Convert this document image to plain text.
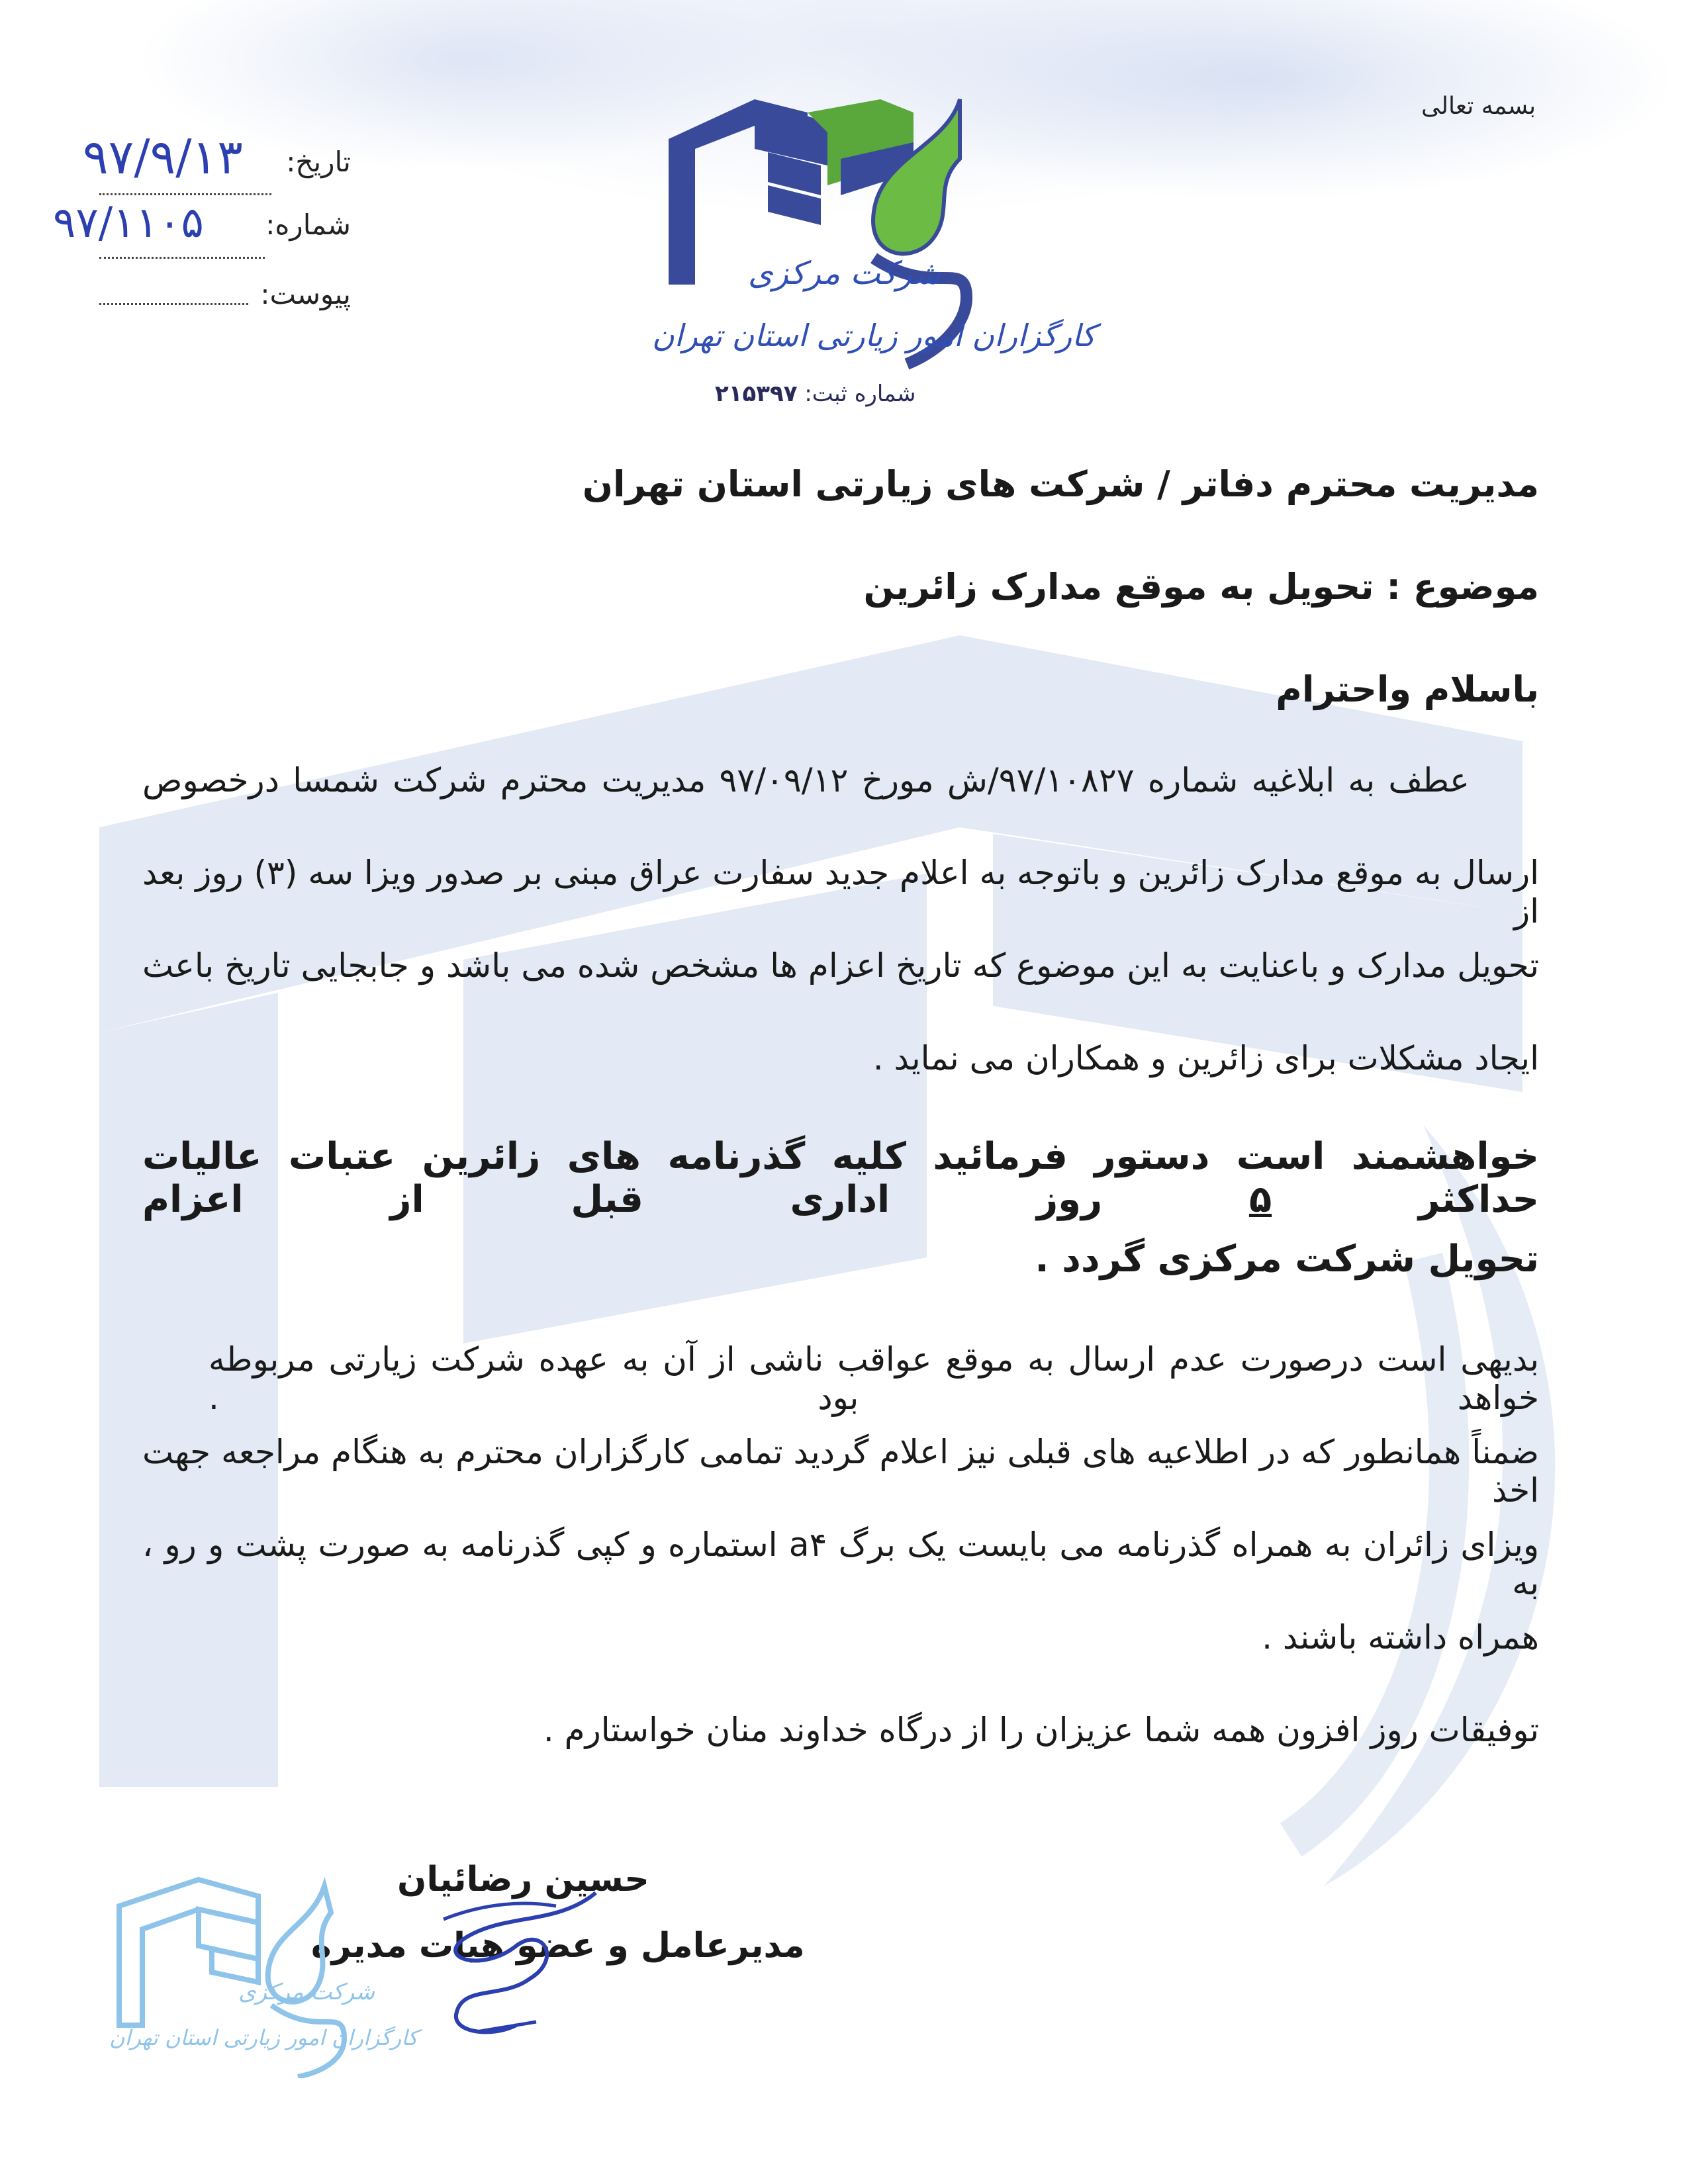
بسمه تعالی
تاریخ:
۹۷/۹/۱۳
شماره:
۹۷/۱۱۰۵
پیوست:
شرکت مرکزی
کارگزاران امور زیارتی استان تهران
شماره ثبت: ۲۱۵۳۹۷
مدیریت محترم دفاتر / شرکت های زیارتی استان تهران
موضوع : تحویل به موقع مدارک زائرین
باسلام واحترام
عطف به ابلاغیه شماره ۹۷/۱۰۸۲۷/ش مورخ ۹۷/۰۹/۱۲ مدیریت محترم شرکت شمسا درخصوص
ارسال به موقع مدارک زائرین و باتوجه به اعلام جدید سفارت عراق مبنی بر صدور ویزا سه (۳) روز بعد از
تحویل مدارک و باعنایت به این موضوع که تاریخ اعزام ها مشخص شده می باشد و جابجایی تاریخ باعث
ایجاد مشکلات برای زائرین و همکاران می نماید .
خواهشمند است دستور فرمائید کلیه گذرنامه های زائرین عتبات عالیات حداکثر ۵ روز اداری قبل از اعزام
تحویل شرکت مرکزی گردد .
بدیهی است درصورت عدم ارسال به موقع عواقب ناشی از آن به عهده شرکت زیارتی مربوطه خواهد بود .
ضمناً همانطور که در اطلاعیه های قبلی نیز اعلام گردید تمامی کارگزاران محترم به هنگام مراجعه جهت اخذ
ویزای زائران به همراه گذرنامه می بایست یک برگ a۴ استماره و کپی گذرنامه به صورت پشت و رو ، به
همراه داشته باشند .
توفیقات روز افزون همه شما عزیزان را از درگاه خداوند منان خواستارم .
حسین رضائیان
مدیرعامل و عضو هیات مدیره
شرکت مرکزی
کارگزاران امور زیارتی استان تهران
